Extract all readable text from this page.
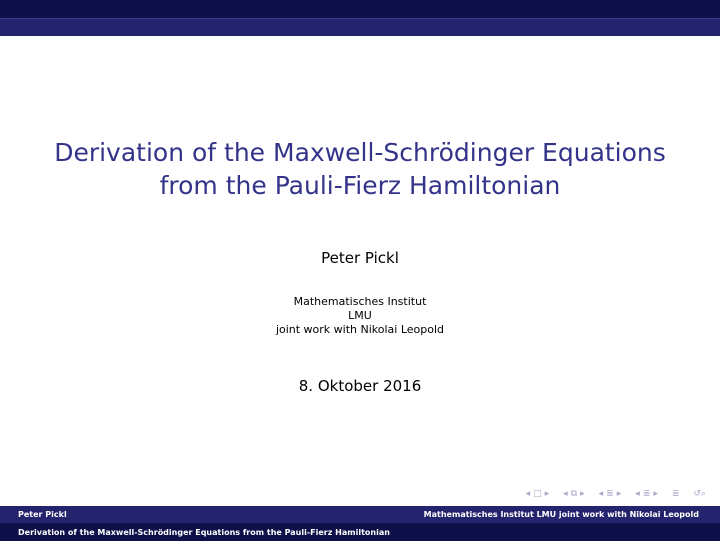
Derivation of the Maxwell-Schrödinger Equations
from the Pauli-Fierz Hamiltonian
Peter Pickl
Mathematisches Institut
LMU
joint work with Nikolai Leopold
8. Oktober 2016
◂ □ ▸ ◂ ⧉ ▸ ◂ ≣ ▸ ◂ ≣ ▸ ≣ ↺⌕
Peter Pickl	Mathematisches Institut LMU joint work with Nikolai Leopold
Derivation of the Maxwell-Schrödinger Equations from the Pauli-Fierz Hamiltonian
